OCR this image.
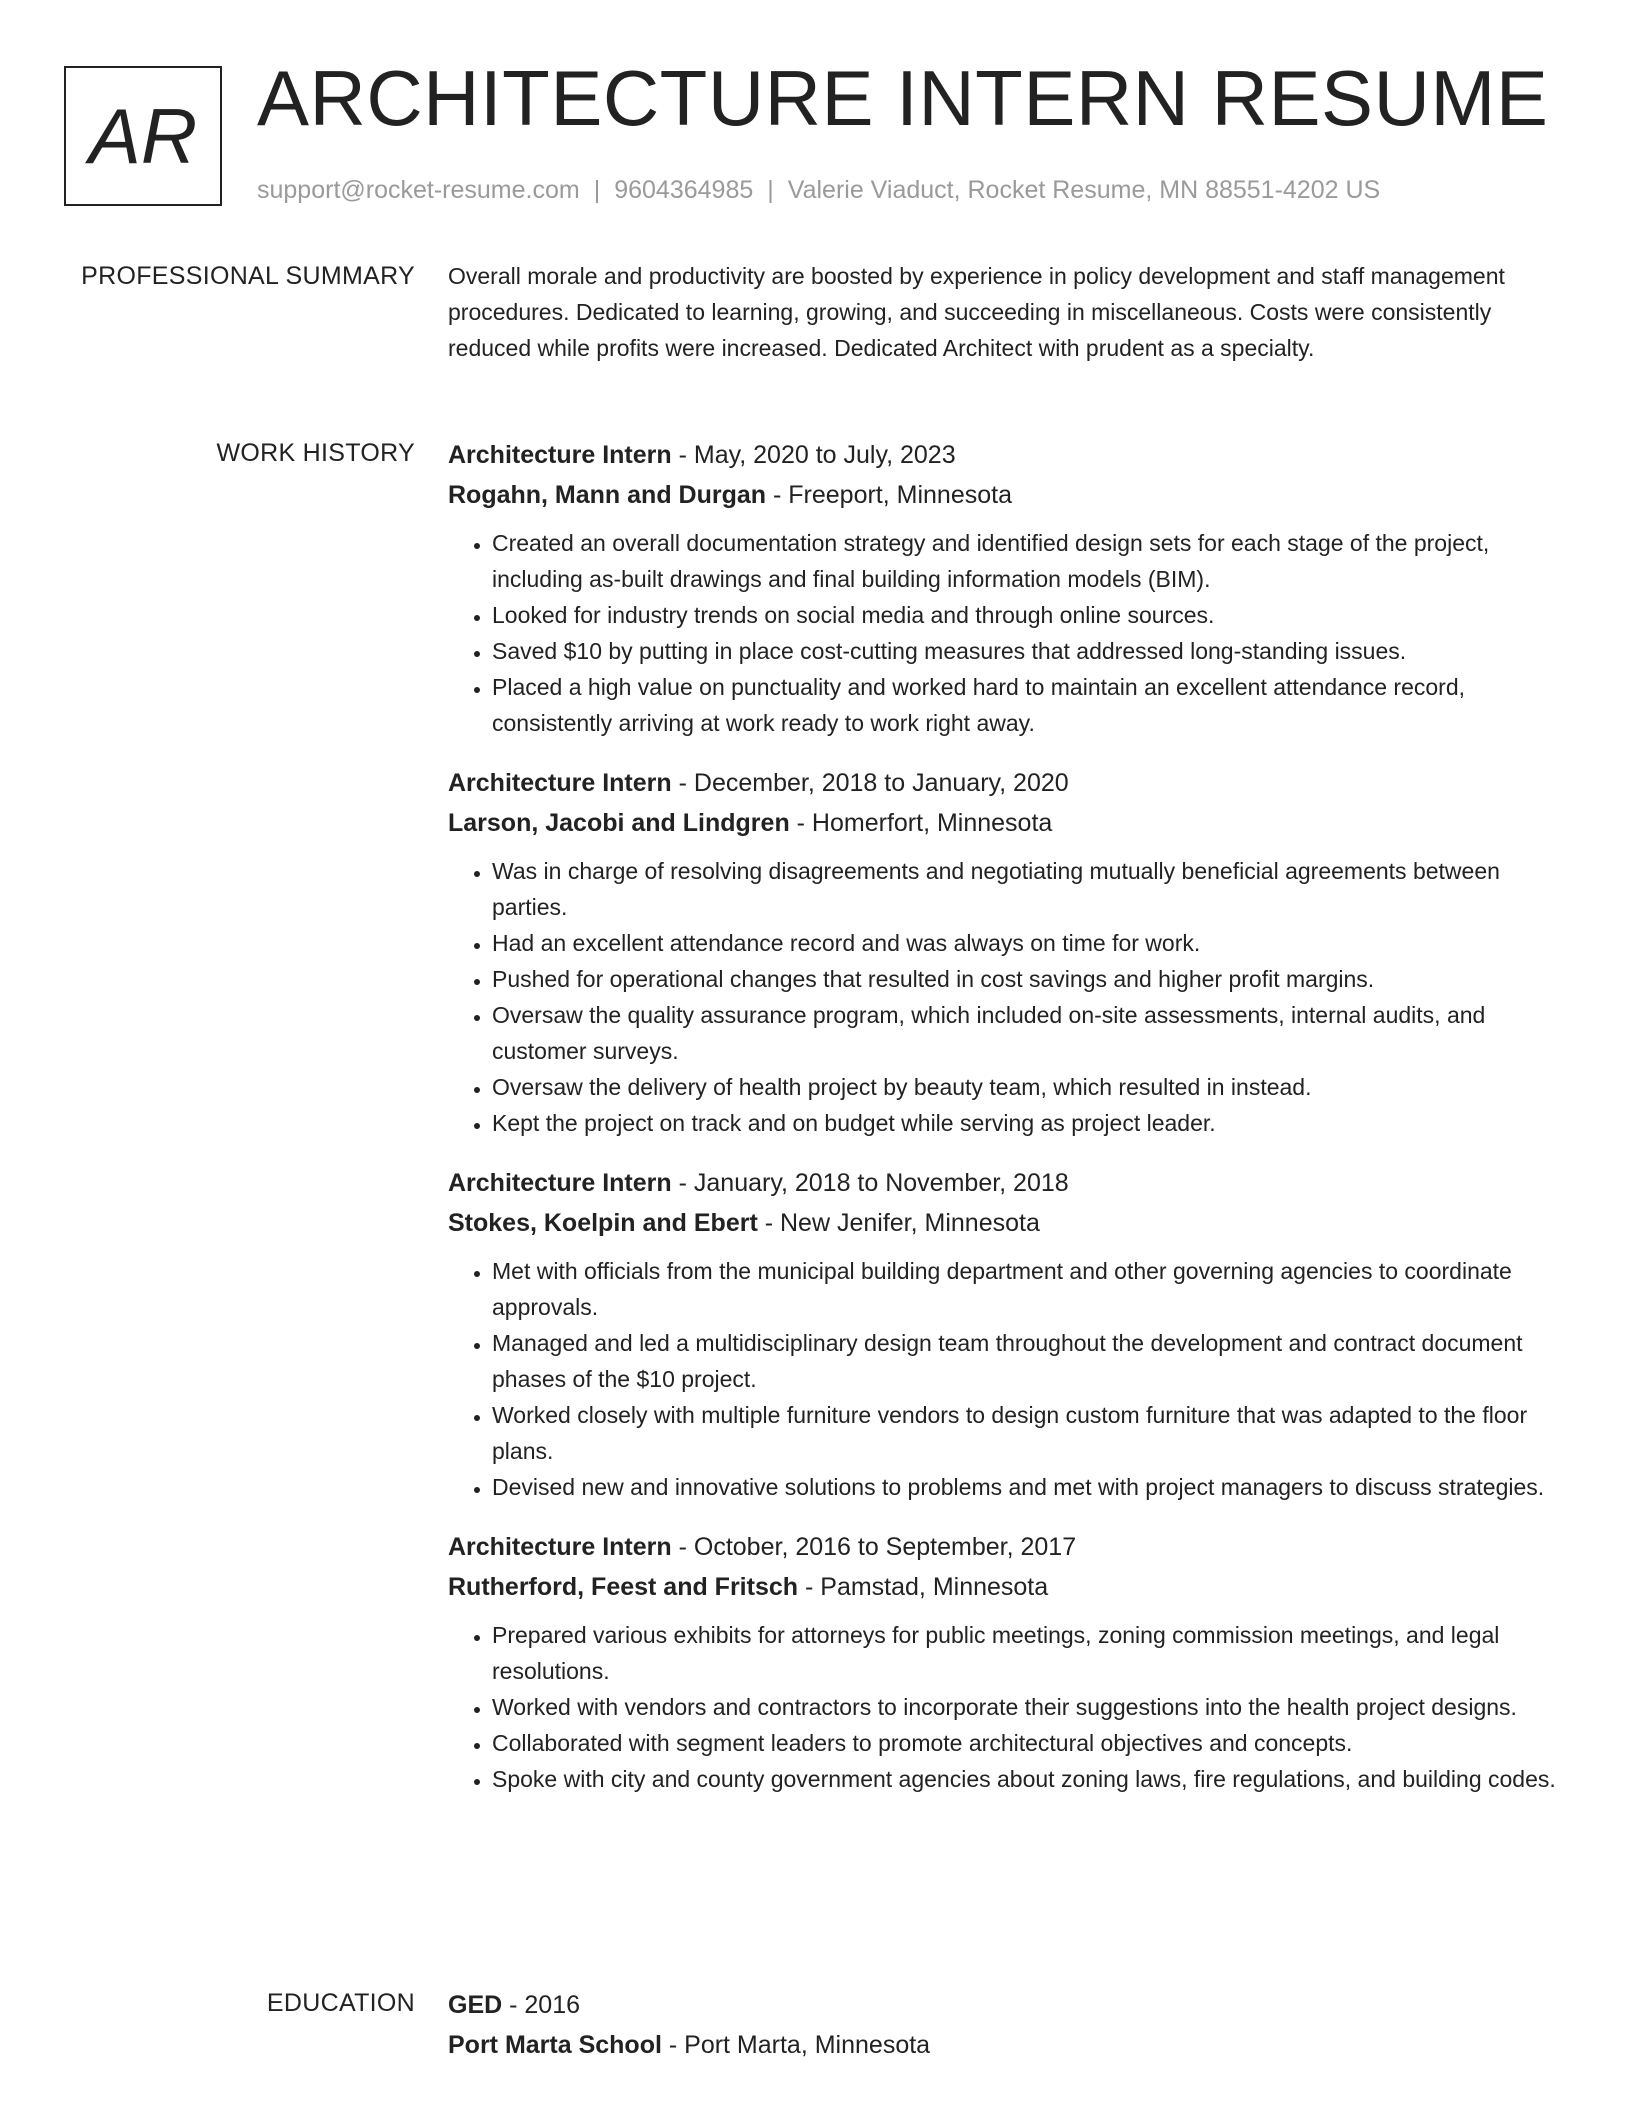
AR ARCHITECTURE INTERN RESUME
support@rocket-resume.com | 9604364985 | Valerie Viaduct, Rocket Resume, MN 88551-4202 US
PROFESSIONAL SUMMARY Overall morale and productivity are boosted by experience in policy development and staff management procedures. Dedicated to learning, growing, and succeeding in miscellaneous. Costs were consistently reduced while profits were increased. Dedicated Architect with prudent as a specialty.

WORK HISTORY Architecture Intern - May, 2020 to July, 2023
Rogahn, Mann and Durgan - Freeport, Minnesota
• Created an overall documentation strategy and identified design sets for each stage of the project, including as-built drawings and final building information models (BIM).
• Looked for industry trends on social media and through online sources.
• Saved $10 by putting in place cost-cutting measures that addressed long-standing issues.
• Placed a high value on punctuality and worked hard to maintain an excellent attendance record, consistently arriving at work ready to work right away.
Architecture Intern - December, 2018 to January, 2020
Larson, Jacobi and Lindgren - Homerfort, Minnesota
• Was in charge of resolving disagreements and negotiating mutually beneficial agreements between parties.
• Had an excellent attendance record and was always on time for work.
• Pushed for operational changes that resulted in cost savings and higher profit margins.
• Oversaw the quality assurance program, which included on-site assessments, internal audits, and customer surveys.
• Oversaw the delivery of health project by beauty team, which resulted in instead.
• Kept the project on track and on budget while serving as project leader.
Architecture Intern - January, 2018 to November, 2018
Stokes, Koelpin and Ebert - New Jenifer, Minnesota
• Met with officials from the municipal building department and other governing agencies to coordinate approvals.
• Managed and led a multidisciplinary design team throughout the development and contract document phases of the $10 project.
• Worked closely with multiple furniture vendors to design custom furniture that was adapted to the floor plans.
• Devised new and innovative solutions to problems and met with project managers to discuss strategies.
Architecture Intern - October, 2016 to September, 2017
Rutherford, Feest and Fritsch - Pamstad, Minnesota
• Prepared various exhibits for attorneys for public meetings, zoning commission meetings, and legal resolutions.
• Worked with vendors and contractors to incorporate their suggestions into the health project designs.
• Collaborated with segment leaders to promote architectural objectives and concepts.
• Spoke with city and county government agencies about zoning laws, fire regulations, and building codes.
EDUCATION GED - 2016
Port Marta School - Port Marta, Minnesota
